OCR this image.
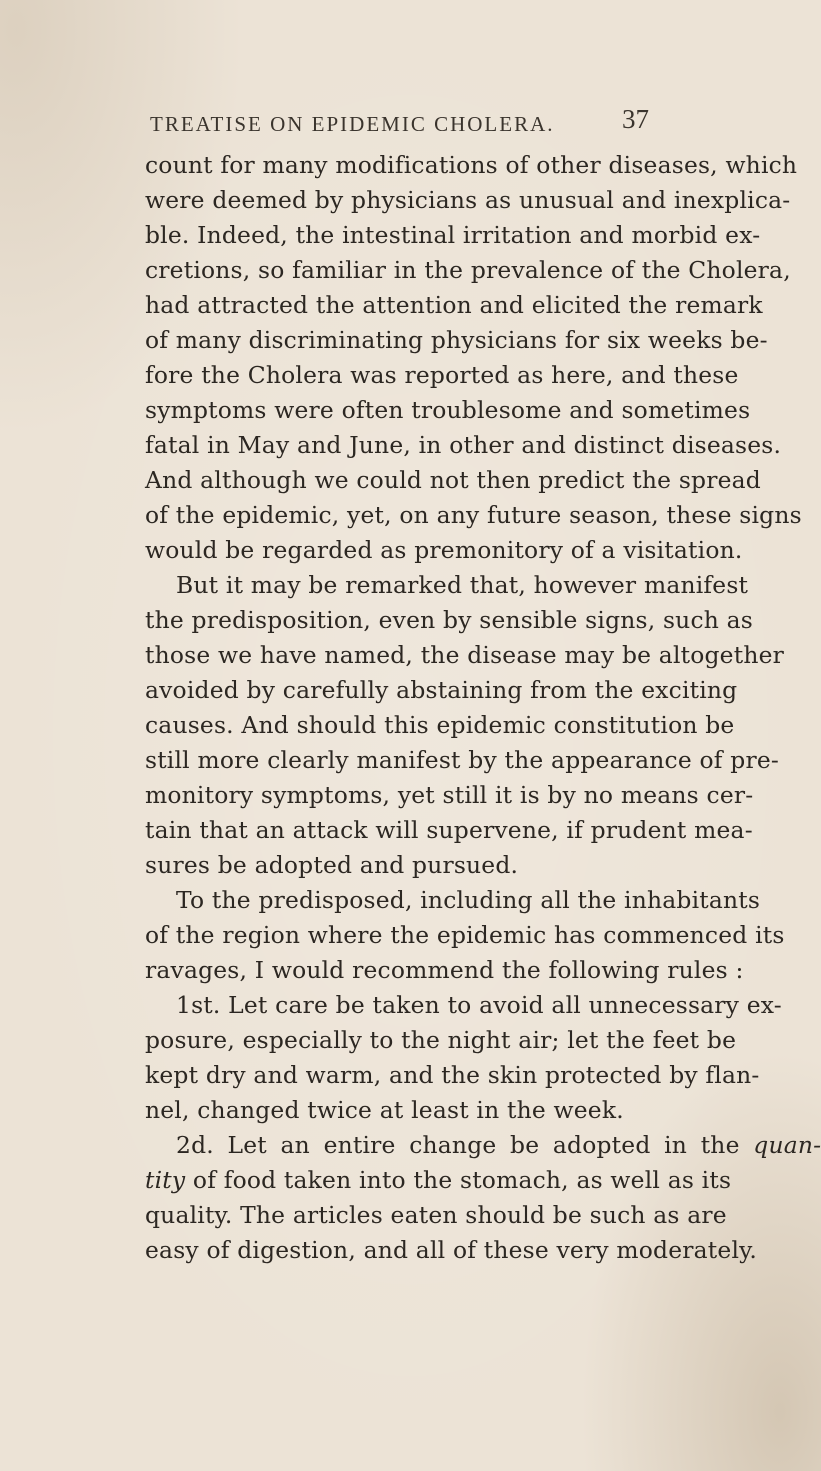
TREATISE ON EPIDEMIC CHOLERA.	37
count for many modifications of other diseases, which
were deemed by physicians as unusual and inexplica-
ble. Indeed, the intestinal irritation and morbid ex-
cretions, so familiar in the prevalence of the Cholera,
had attracted the attention and elicited the remark
of many discriminating physicians for six weeks be-
fore the Cholera was reported as here, and these
symptoms were often troublesome and sometimes
fatal in May and June, in other and distinct diseases.
And although we could not then predict the spread
of the epidemic, yet, on any future season, these signs
would be regarded as premonitory of a visitation.
But it may be remarked that, however manifest
the predisposition, even by sensible signs, such as
those we have named, the disease may be altogether
avoided by carefully abstaining from the exciting
causes. And should this epidemic constitution be
still more clearly manifest by the appearance of pre-
monitory symptoms, yet still it is by no means cer-
tain that an attack will supervene, if prudent mea-
sures be adopted and pursued.
To the predisposed, including all the inhabitants
of the region where the epidemic has commenced its
ravages, I would recommend the following rules :
1st. Let care be taken to avoid all unnecessary ex-
posure, especially to the night air; let the feet be
kept dry and warm, and the skin protected by flan-
nel, changed twice at least in the week.
2d. Let an entire change be adopted in the quan-
tity of food taken into the stomach, as well as its
quality. The articles eaten should be such as are
easy of digestion, and all of these very moderately.
